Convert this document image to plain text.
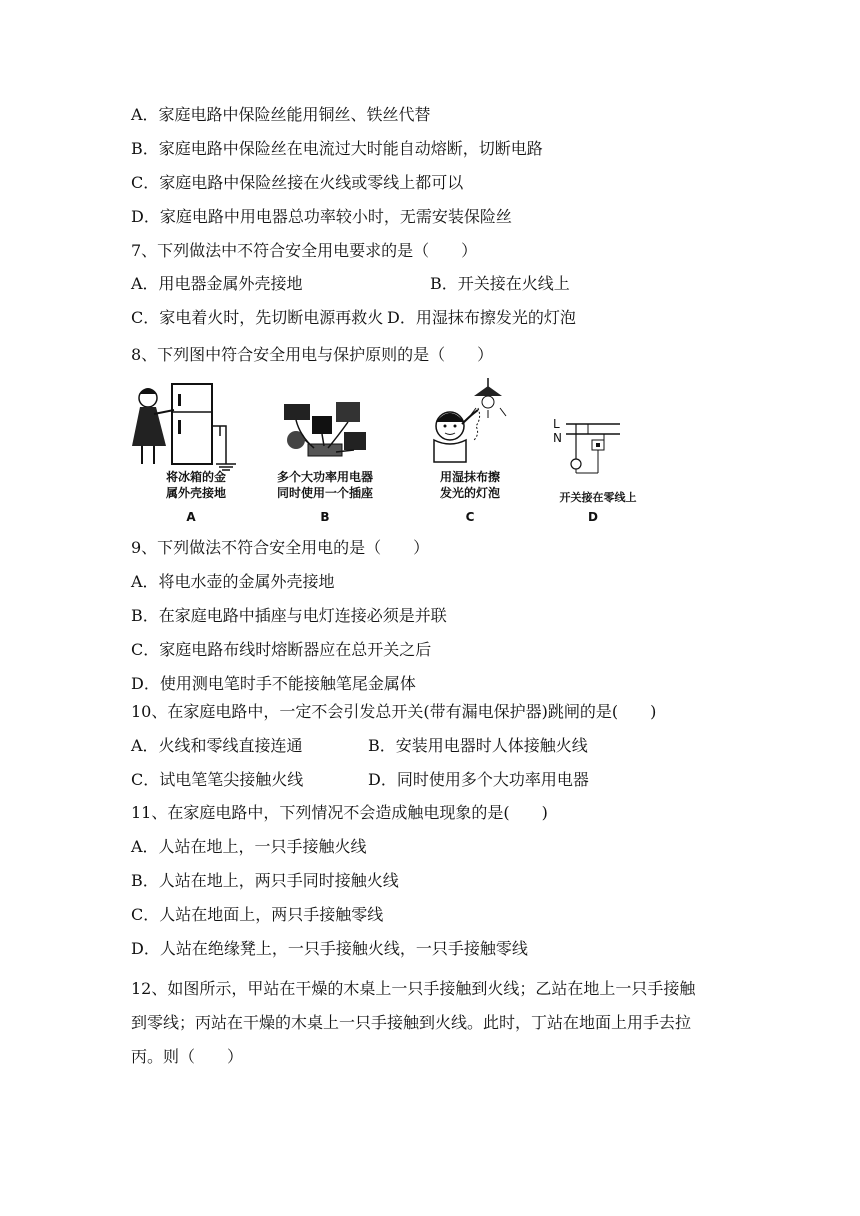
A．家庭电路中保险丝能用铜丝、铁丝代替
B．家庭电路中保险丝在电流过大时能自动熔断，切断电路
C．家庭电路中保险丝接在火线或零线上都可以
D．家庭电路中用电器总功率较小时，无需安装保险丝
7、下列做法中不符合安全用电要求的是（　　）
A．用电器金属外壳接地	B．开关接在火线上
C．家电着火时，先切断电源再救火 D．用湿抹布擦发光的灯泡
8、下列图中符合安全用电与保护原则的是（　　）
将冰箱的金
属外壳接地
A
多个大功率用电器
同时使用一个插座
B
用湿抹布擦
发光的灯泡
C
L
N
开关接在零线上
D
9、下列做法不符合安全用电的是（　　）
A．将电水壶的金属外壳接地
B．在家庭电路中插座与电灯连接必须是并联
C．家庭电路布线时熔断器应在总开关之后
D．使用测电笔时手不能接触笔尾金属体
10、在家庭电路中，一定不会引发总开关(带有漏电保护器)跳闸的是(　　)
A．火线和零线直接连通	B．安装用电器时人体接触火线
C．试电笔笔尖接触火线	D．同时使用多个大功率用电器
11、在家庭电路中，下列情况不会造成触电现象的是(　　)
A．人站在地上，一只手接触火线
B．人站在地上，两只手同时接触火线
C．人站在地面上，两只手接触零线
D．人站在绝缘凳上，一只手接触火线，一只手接触零线
12、如图所示，甲站在干燥的木桌上一只手接触到火线；乙站在地上一只手接触
到零线；丙站在干燥的木桌上一只手接触到火线。此时，丁站在地面上用手去拉
丙。则（　　）
